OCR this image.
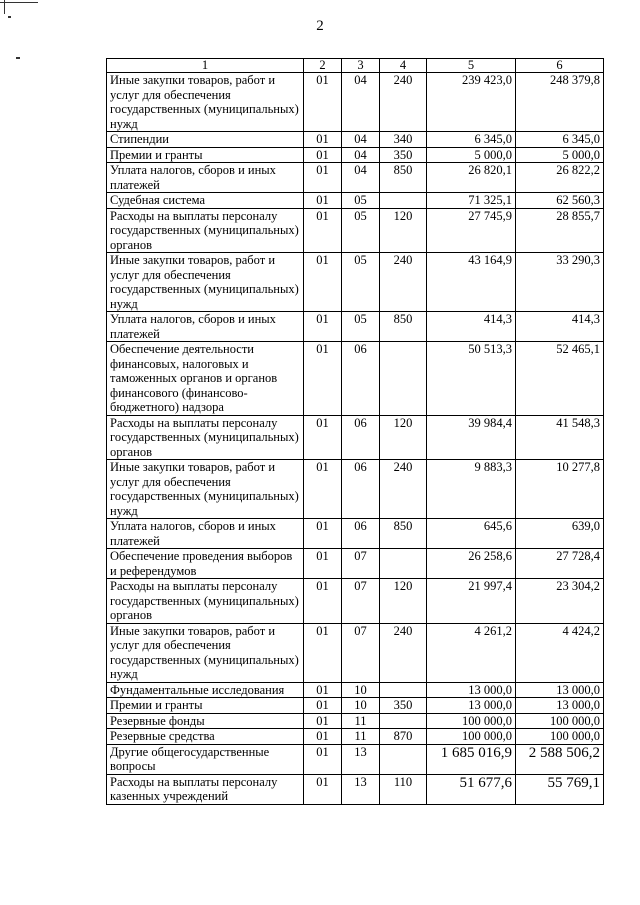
2
1	2	3	4	5	6
Иные закупки товаров, работ и услуг для обеспечения государственных (муниципальных) нужд	01	04	240	239 423,0	248 379,8
Стипендии	01	04	340	6 345,0	6 345,0
Премии и гранты	01	04	350	5 000,0	5 000,0
Уплата налогов, сборов и иных платежей	01	04	850	26 820,1	26 822,2
Судебная система	01	05		71 325,1	62 560,3
Расходы на выплаты персоналу государственных (муниципальных) органов	01	05	120	27 745,9	28 855,7
Иные закупки товаров, работ и услуг для обеспечения государственных (муниципальных) нужд	01	05	240	43 164,9	33 290,3
Уплата налогов, сборов и иных платежей	01	05	850	414,3	414,3
Обеспечение деятельности финансовых, налоговых и таможенных органов и органов финансового (финансово-бюджетного) надзора	01	06		50 513,3	52 465,1
Расходы на выплаты персоналу государственных (муниципальных) органов	01	06	120	39 984,4	41 548,3
Иные закупки товаров, работ и услуг для обеспечения государственных (муниципальных) нужд	01	06	240	9 883,3	10 277,8
Уплата налогов, сборов и иных платежей	01	06	850	645,6	639,0
Обеспечение проведения выборов и референдумов	01	07		26 258,6	27 728,4
Расходы на выплаты персоналу государственных (муниципальных) органов	01	07	120	21 997,4	23 304,2
Иные закупки товаров, работ и услуг для обеспечения государственных (муниципальных) нужд	01	07	240	4 261,2	4 424,2
Фундаментальные исследования	01	10		13 000,0	13 000,0
Премии и гранты	01	10	350	13 000,0	13 000,0
Резервные фонды	01	11		100 000,0	100 000,0
Резервные средства	01	11	870	100 000,0	100 000,0
Другие общегосударственные вопросы	01	13		1 685 016,9	2 588 506,2
Расходы на выплаты персоналу казенных учреждений	01	13	110	51 677,6	55 769,1
